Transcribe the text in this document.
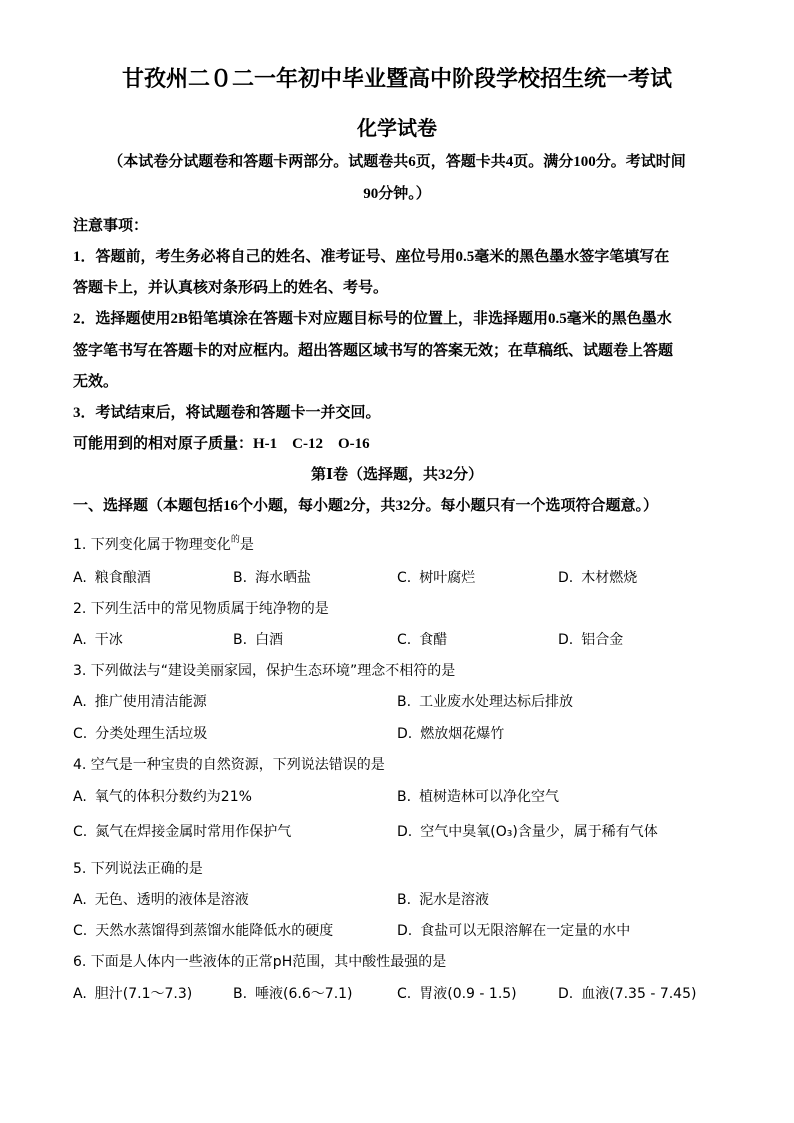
甘孜州二０二一年初中毕业暨高中阶段学校招生统一考试
化学试卷
（本试卷分试题卷和答题卡两部分。试题卷共6页，答题卡共4页。满分100分。考试时间
90分钟。）
注意事项：
1．答题前，考生务必将自己的姓名、准考证号、座位号用0.5毫米的黑色墨水签字笔填写在
答题卡上，并认真核对条形码上的姓名、考号。
2．选择题使用2B铅笔填涂在答题卡对应题目标号的位置上，非选择题用0.5毫米的黑色墨水
签字笔书写在答题卡的对应框内。超出答题区域书写的答案无效；在草稿纸、试题卷上答题
无效。
3．考试结束后，将试题卷和答题卡一并交回。
可能用到的相对原子质量：H-1　C-12　O-16
第Ⅰ卷（选择题，共32分）
一、选择题（本题包括16个小题，每小题2分，共32分。每小题只有一个选项符合题意。）
1. 下列变化属于物理变化$^的$是
A. 粮食酿酒	B. 海水晒盐	C. 树叶腐烂	D. 木材燃烧
2. 下列生活中的常见物质属于纯净物的是
A. 干冰	B. 白酒	C. 食醋	D. 铝合金
3. 下列做法与“建设美丽家园，保护生态环境”理念不相符的是
A. 推广使用清洁能源	B. 工业废水处理达标后排放
C. 分类处理生活垃圾	D. 燃放烟花爆竹
4. 空气是一种宝贵的自然资源，下列说法错误的是
A. 氧气的体积分数约为21%	B. 植树造林可以净化空气
C. 氮气在焊接金属时常用作保护气	D. 空气中臭氧(O₃)含量少，属于稀有气体
5. 下列说法正确的是
A. 无色、透明的液体是溶液	B. 泥水是溶液
C. 天然水蒸馏得到蒸馏水能降低水的硬度	D. 食盐可以无限溶解在一定量的水中
6. 下面是人体内一些液体的正常pH范围，其中酸性最强的是
A. 胆汁(7.1～7.3)	B. 唾液(6.6～7.1)	C. 胃液(0.9 - 1.5)	D. 血液(7.35 - 7.45)
